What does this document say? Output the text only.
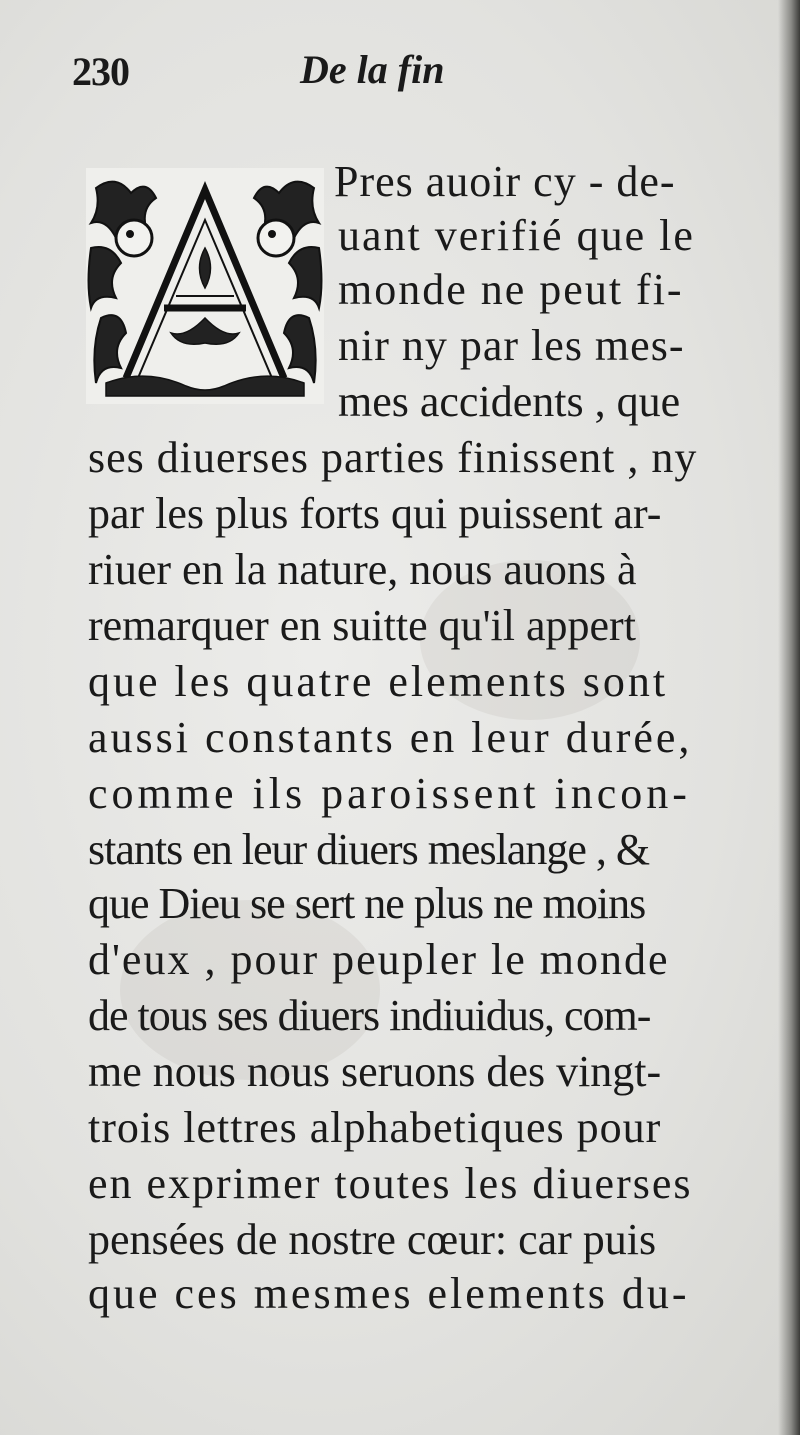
230	De la fin
Pres auoir cy - de-
uant verifié que le
monde ne peut fi-
nir ny par les mes-
mes accidents , que
ses diuerses parties finissent , ny
par les plus forts qui puissent ar-
riuer en la nature, nous auons à
remarquer en suitte qu'il appert
que les quatre elements sont
aussi constants en leur durée,
comme ils paroissent incon-
stants en leur diuers meslange , &
que Dieu se sert ne plus ne moins
d'eux , pour peupler le monde
de tous ses diuers indiuidus, com-
me nous nous seruons des vingt-
trois lettres alphabetiques pour
en exprimer toutes les diuerses
pensées de nostre cœur: car puis
que ces mesmes elements du-
